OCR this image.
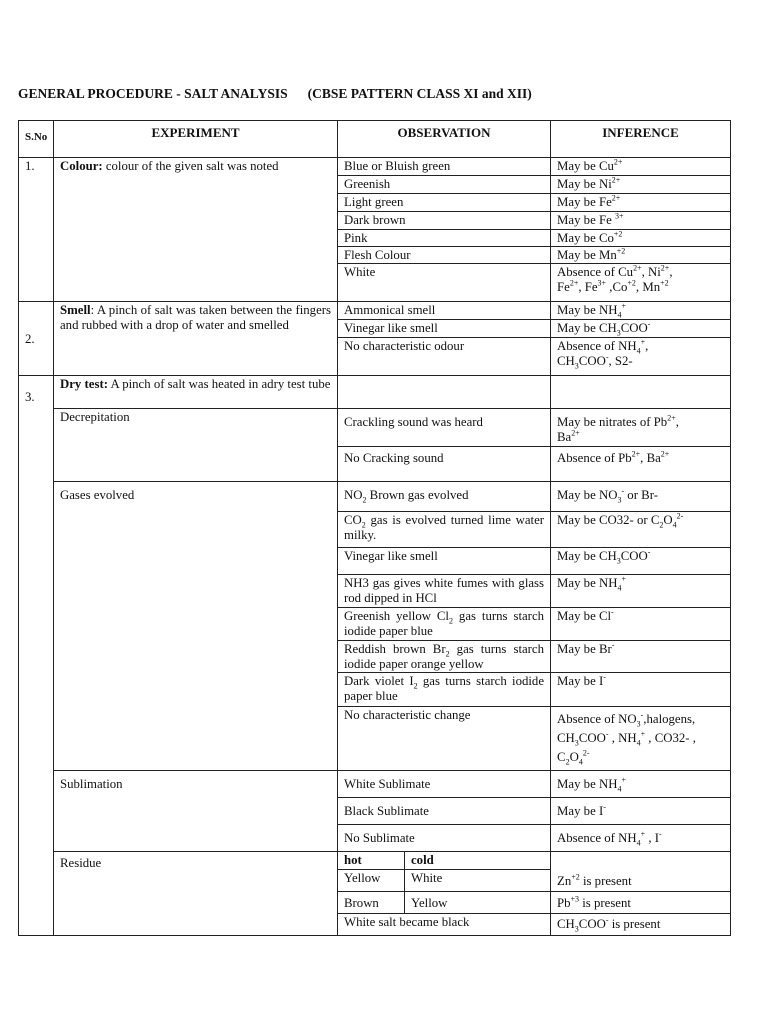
GENERAL PROCEDURE - SALT ANALYSIS (CBSE PATTERN CLASS XI and XII)
S.No	EXPERIMENT	OBSERVATION		INFERENCE
1.	Colour: colour of the given salt was noted	Blue or Bluish green		May be $Cu^{2+}$
		Greenish		May be $Ni^{2+}$
		Light green		May be $Fe^{2+}$
		Dark brown		May be Fe $^{3+}$
		Pink		May be $Co^{+2}$
		Flesh Colour		May be $Mn^{+2}$
		White		Absence of $Cu^{2+}$, $Ni^{2+}$,
$Fe^{2+}$, $Fe^{3+}$ $,Co^{+2}$, $Mn^{+2}$
2.	Smell: A pinch of salt was taken between the fingers and rubbed with a drop of water and smelled	Ammonical smell		May be $NH_4^+$
		Vinegar like smell		May be $CH_3COO^-$
		No characteristic odour		Absence of $NH_4^+$,
$CH_3COO^-$, S2-
3.	Dry test: A pinch of salt was heated in adry test tube			
	Decrepitation	Crackling sound was heard		May be nitrates of $Pb^{2+}$,
$Ba^{2+}$
		No Cracking sound		Absence of $Pb^{2+}$, $Ba^{2+}$
	Gases evolved	$NO_2$ Brown gas evolved		May be $NO_3^-$ or Br-
		$CO_2$ gas is evolved turned lime water milky.		May be CO32- or $C_2O_4^{2-}$
		Vinegar like smell		May be $CH_3COO^-$
		NH3 gas gives white fumes with glass rod dipped in HCl		May be $NH_4^+$
		Greenish yellow $Cl_2$ gas turns starch iodide paper blue		May be Cl-
		Reddish brown $Br_2$ gas turns starch iodide paper orange yellow		May be Br-
		Dark violet $I_2$ gas turns starch iodide paper blue		May be I-
		No characteristic change		Absence of $NO_3^-,halogens$,
$CH_3COO^-$ , $NH_4^+$ , CO32- ,
$C_2O_4^{2-}$
	Sublimation	White Sublimate		May be $NH_4^+$
		Black Sublimate		May be I-
		No Sublimate		Absence of $NH_4^+$ , I-
	Residue	hot	cold	$Zn^{+2}$ is present
		Yellow	White	
		Brown	Yellow	$Pb^{+3}$ is present
		White salt became black		$CH_3COO^-$ is present
